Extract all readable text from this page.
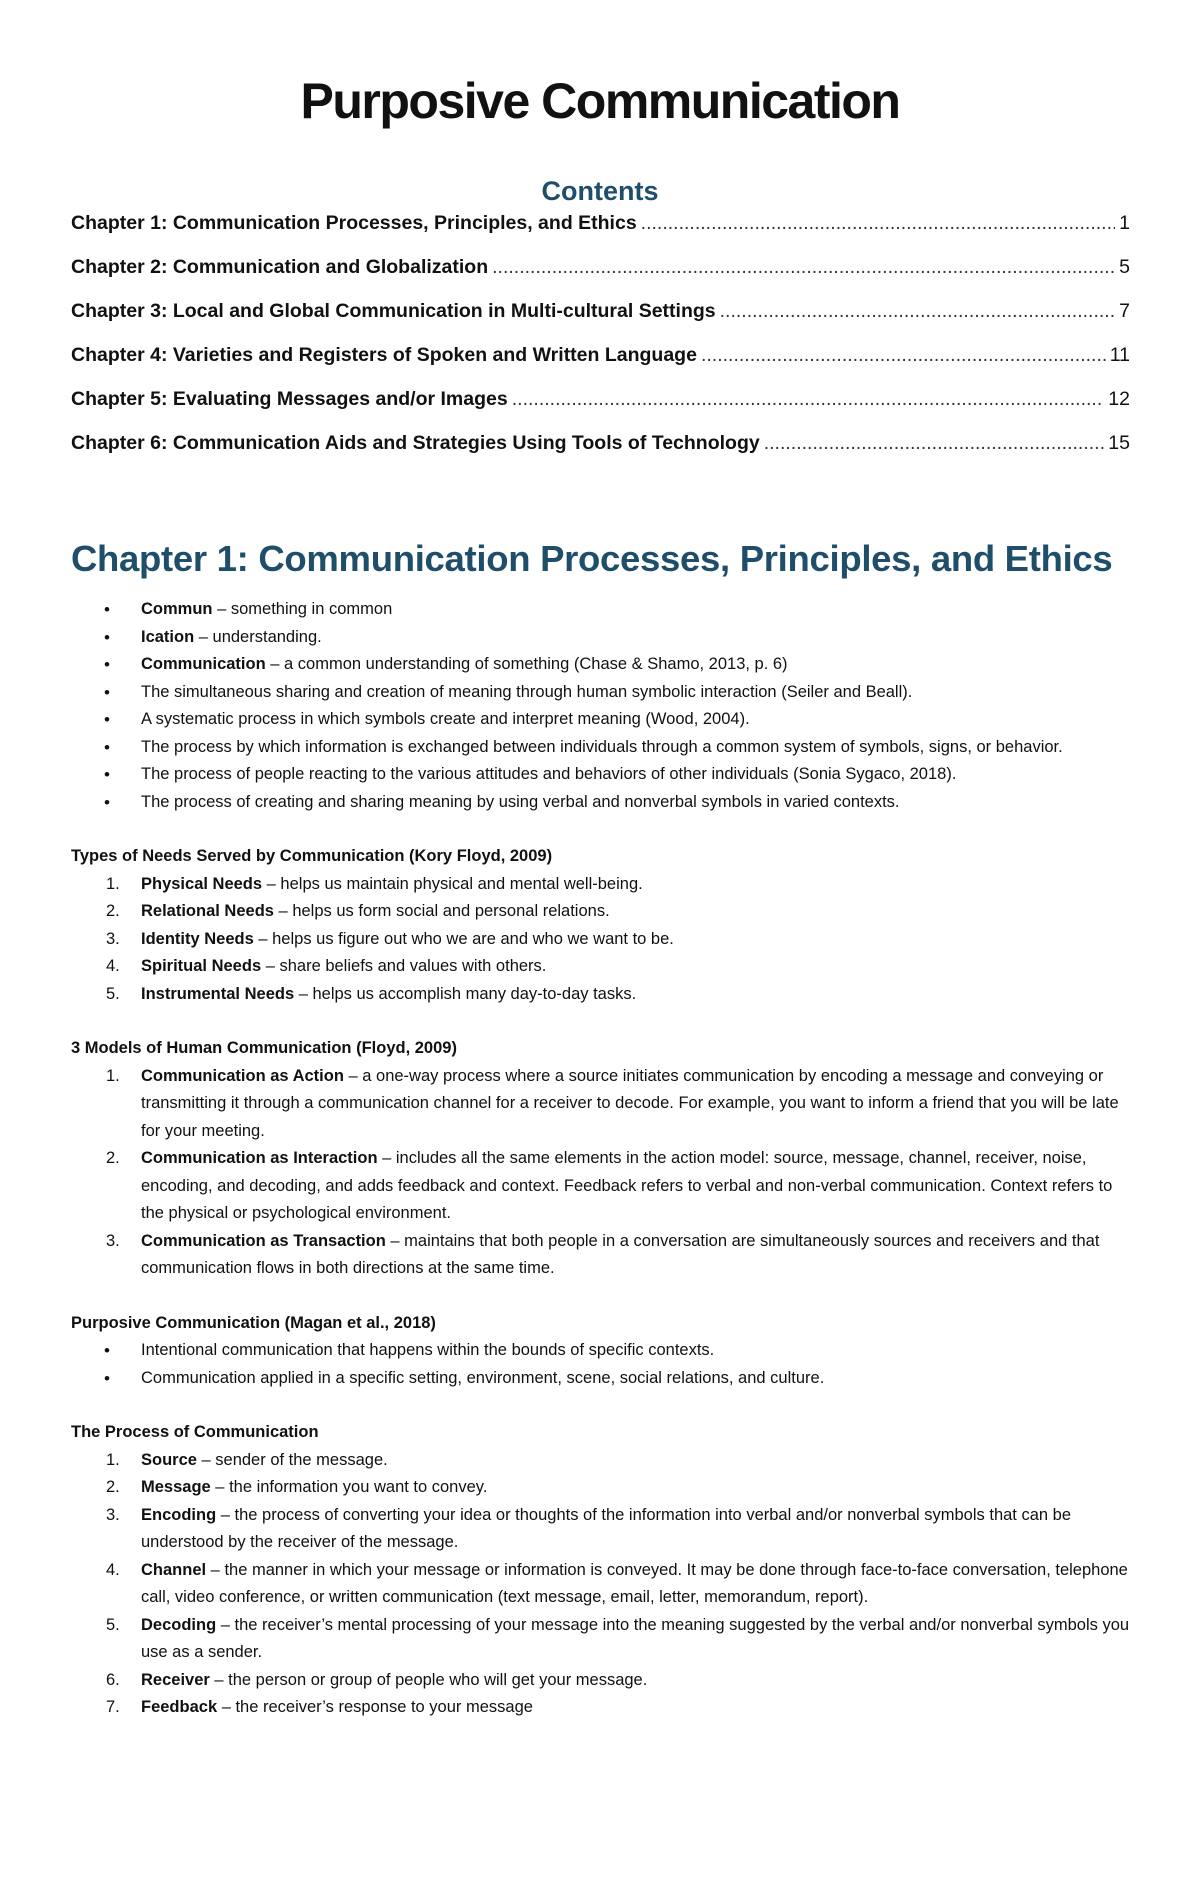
Purposive Communication
Contents
Chapter 1: Communication Processes, Principles, and Ethics .....	1
Chapter 2: Communication and Globalization .....	5
Chapter 3: Local and Global Communication in Multi-cultural Settings .....	7
Chapter 4: Varieties and Registers of Spoken and Written Language .....	11
Chapter 5: Evaluating Messages and/or Images .....	12
Chapter 6: Communication Aids and Strategies Using Tools of Technology .....	15
Chapter 1: Communication Processes, Principles, and Ethics
• Commun – something in common
• Ication – understanding.
• Communication – a common understanding of something (Chase & Shamo, 2013, p. 6)
• The simultaneous sharing and creation of meaning through human symbolic interaction (Seiler and Beall).
• A systematic process in which symbols create and interpret meaning (Wood, 2004).
• The process by which information is exchanged between individuals through a common system of symbols, signs, or behavior.
• The process of people reacting to the various attitudes and behaviors of other individuals (Sonia Sygaco, 2018).
• The process of creating and sharing meaning by using verbal and nonverbal symbols in varied contexts.

Types of Needs Served by Communication (Kory Floyd, 2009)

1. Physical Needs – helps us maintain physical and mental well-being.
2. Relational Needs – helps us form social and personal relations.
3. Identity Needs – helps us figure out who we are and who we want to be.
4. Spiritual Needs – share beliefs and values with others.
5. Instrumental Needs – helps us accomplish many day-to-day tasks.

3 Models of Human Communication (Floyd, 2009)

1. Communication as Action – a one-way process where a source initiates communication by encoding a message and conveying or transmitting it through a communication channel for a receiver to decode. For example, you want to inform a friend that you will be late for your meeting.
2. Communication as Interaction – includes all the same elements in the action model: source, message, channel, receiver, noise, encoding, and decoding, and adds feedback and context. Feedback refers to verbal and non-verbal communication. Context refers to the physical or psychological environment.
3. Communication as Transaction – maintains that both people in a conversation are simultaneously sources and receivers and that communication flows in both directions at the same time.

Purposive Communication (Magan et al., 2018)

• Intentional communication that happens within the bounds of specific contexts.
• Communication applied in a specific setting, environment, scene, social relations, and culture.

The Process of Communication

1. Source – sender of the message.
2. Message – the information you want to convey.
3. Encoding – the process of converting your idea or thoughts of the information into verbal and/or nonverbal symbols that can be understood by the receiver of the message.
4. Channel – the manner in which your message or information is conveyed. It may be done through face-to-face conversation, telephone call, video conference, or written communication (text message, email, letter, memorandum, report).
5. Decoding – the receiver’s mental processing of your message into the meaning suggested by the verbal and/or nonverbal symbols you use as a sender.
6. Receiver – the person or group of people who will get your message.
7. Feedback – the receiver’s response to your message
